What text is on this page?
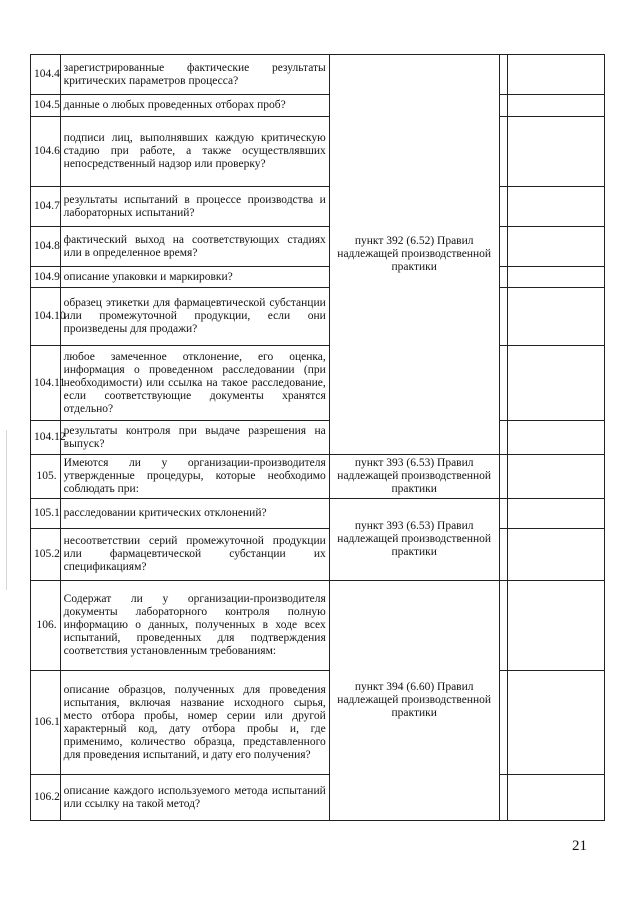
104.4	зарегистрированные фактические результаты критических параметров процесса?	пункт 392 (6.52) Правил надлежащей производственной практики		
104.5	данные о любых проведенных отборах проб?			
104.6	подписи лиц, выполнявших каждую критическую стадию при работе, а также осуществлявших непосредственный надзор или проверку?			
104.7	результаты испытаний в процессе производства и лабораторных испытаний?			
104.8	фактический выход на соответствующих стадиях или в определенное время?			
104.9	описание упаковки и маркировки?			
104.10	образец этикетки для фармацевтической субстанции или промежуточной продукции, если они произведены для продажи?			
104.11	любое замеченное отклонение, его оценка, информация о проведенном расследовании (при необходимости) или ссылка на такое расследование, если соответствующие документы хранятся отдельно?			
104.12	результаты контроля при выдаче разрешения на выпуск?			
105.	Имеются ли у организации-производителя утвержденные процедуры, которые необходимо соблюдать при:	пункт 393 (6.53) Правил надлежащей производственной практики		
105.1	расследовании критических отклонений?	пункт 393 (6.53) Правил надлежащей производственной практики		
105.2	несоответствии серий промежуточной продукции или фармацевтической субстанции их спецификациям?			
106.	Содержат ли у организации-производителя документы лабораторного контроля полную информацию о данных, полученных в ходе всех испытаний, проведенных для подтверждения соответствия установленным требованиям:	пункт 394 (6.60) Правил надлежащей производственной практики		
106.1	описание образцов, полученных для проведения испытания, включая название исходного сырья, место отбора пробы, номер серии или другой характерный код, дату отбора пробы и, где применимо, количество образца, представленного для проведения испытаний, и дату его получения?			
106.2	описание каждого используемого метода испытаний или ссылку на такой метод?			
21
